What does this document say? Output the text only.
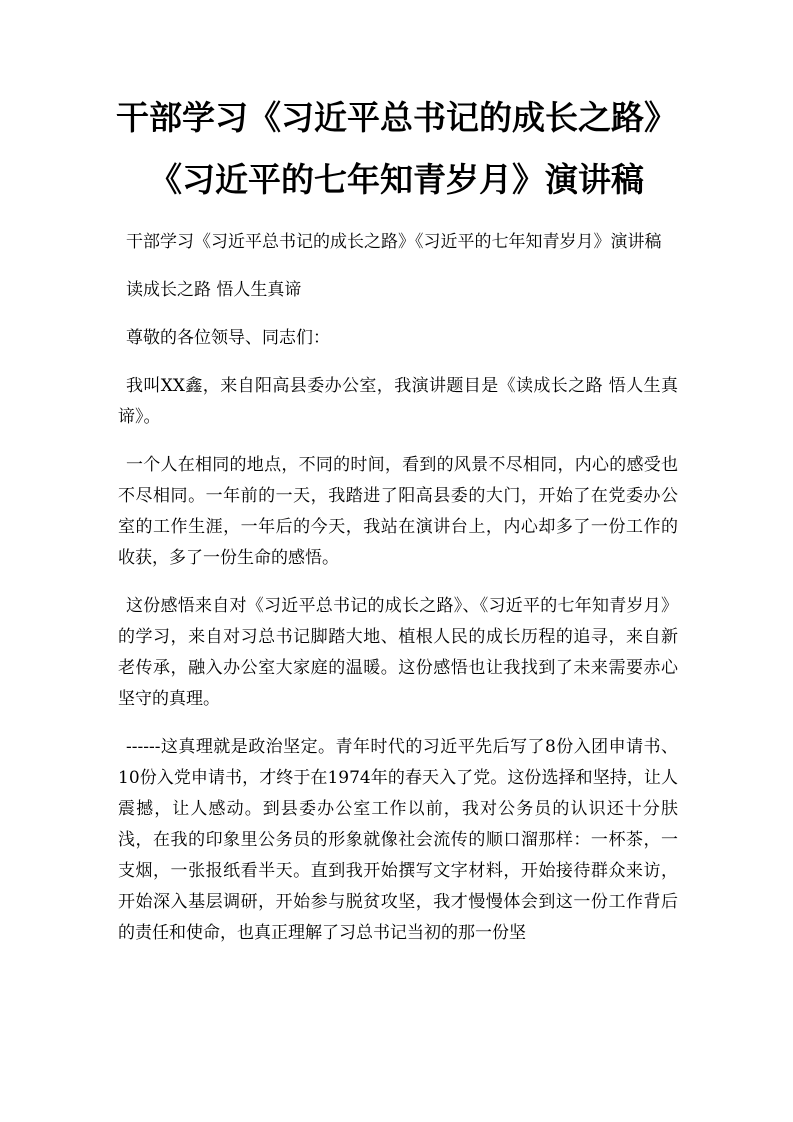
干部学习《习近平总书记的成长之路》
《习近平的七年知青岁月》演讲稿

干部学习《习近平总书记的成长之路》《习近平的七年知青岁月》演讲稿

读成长之路 悟人生真谛

尊敬的各位领导、同志们：

我叫XX鑫，来自阳高县委办公室，我演讲题目是《读成长之路 悟人生真谛》。

一个人在相同的地点，不同的时间，看到的风景不尽相同，内心的感受也不尽相同。一年前的一天，我踏进了阳高县委的大门，开始了在党委办公室的工作生涯，一年后的今天，我站在演讲台上，内心却多了一份工作的收获，多了一份生命的感悟。

这份感悟来自对《习近平总书记的成长之路》、《习近平的七年知青岁月》的学习，来自对习总书记脚踏大地、植根人民的成长历程的追寻，来自新老传承，融入办公室大家庭的温暖。这份感悟也让我找到了未来需要赤心坚守的真理。

------这真理就是政治坚定。青年时代的习近平先后写了8份入团申请书、10份入党申请书，才终于在1974年的春天入了党。这份选择和坚持，让人震撼，让人感动。到县委办公室工作以前，我对公务员的认识还十分肤浅，在我的印象里公务员的形象就像社会流传的顺口溜那样：一杯茶，一支烟，一张报纸看半天。直到我开始撰写文字材料，开始接待群众来访，开始深入基层调研，开始参与脱贫攻坚，我才慢慢体会到这一份工作背后的责任和使命，也真正理解了习总书记当初的那一份坚
